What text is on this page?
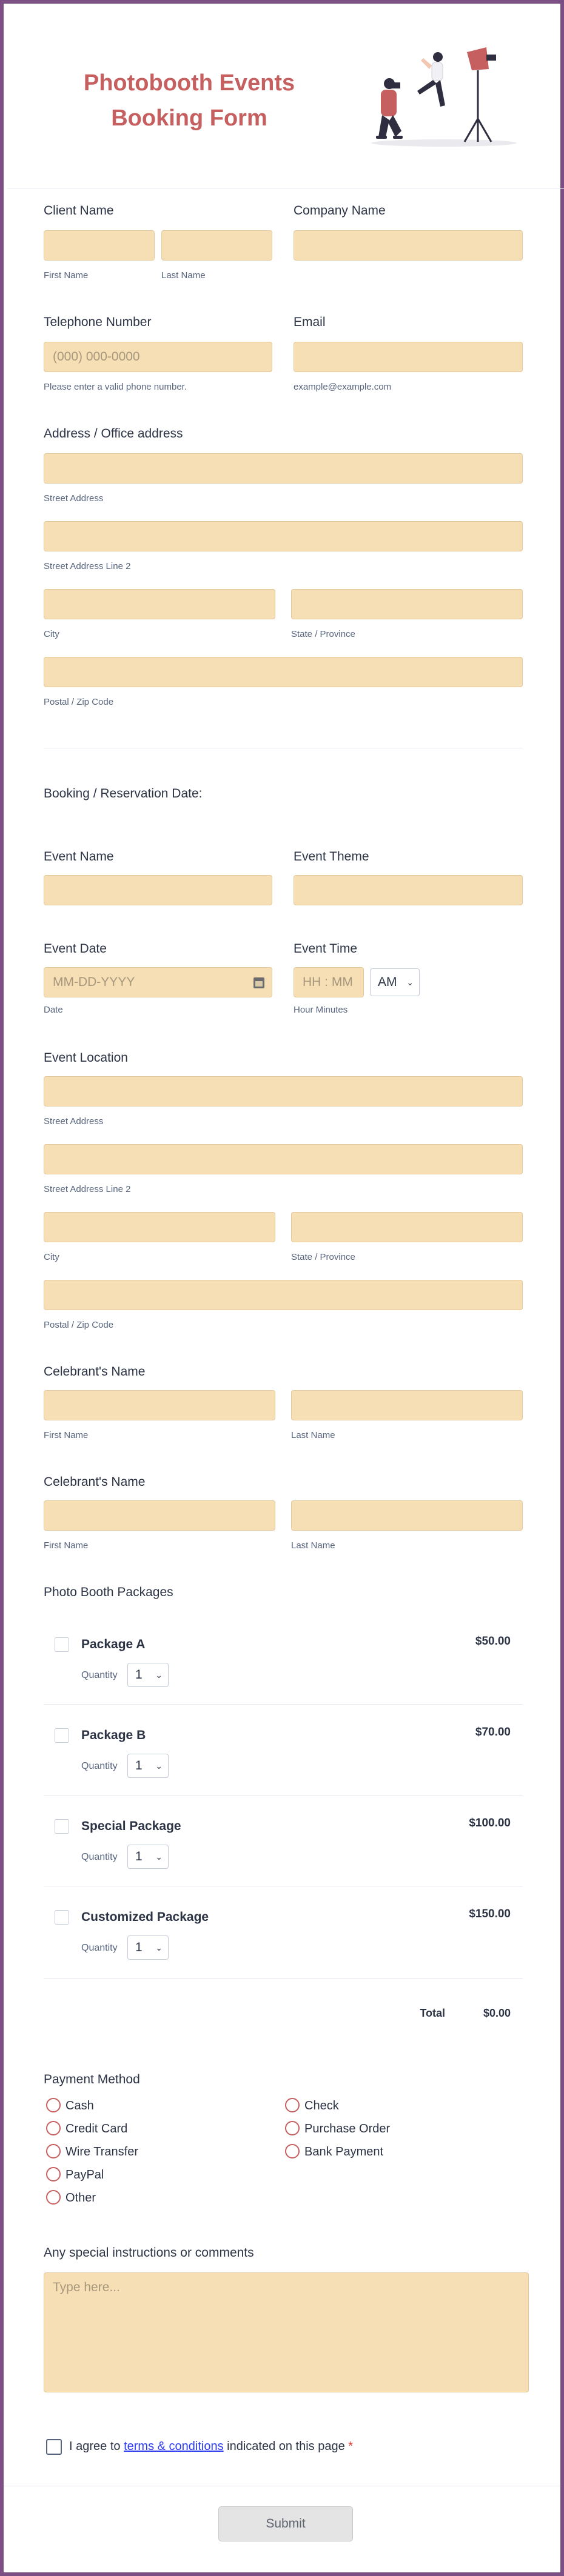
Photobooth Events Booking Form
Client Name
First Name	Last Name
Company Name
Telephone Number
(000) 000-0000
Please enter a valid phone number.
Email
example@example.com
Address / Office address
Street Address
Street Address Line 2
City	State / Province
Postal / Zip Code
Booking / Reservation Date:
Event Name	Event Theme
Event Date
MM-DD-YYYY
Date
Event Time
HH : MM	AM ⌄
Hour Minutes
Event Location
Street Address
Street Address Line 2
City	State / Province
Postal / Zip Code
Celebrant's Name
First Name	Last Name
Celebrant's Name
First Name	Last Name
Photo Booth Packages
Package A	$50.00
Quantity	1 ⌄
Package B	$70.00
Quantity	1 ⌄
Special Package	$100.00
Quantity	1 ⌄
Customized Package	$150.00
Quantity	1 ⌄
Total	$0.00
Payment Method
Cash	Check
Credit Card	Purchase Order
Wire Transfer	Bank Payment
PayPal
Other
Any special instructions or comments
Type here...
I agree to terms & conditions indicated on this page *
Submit
